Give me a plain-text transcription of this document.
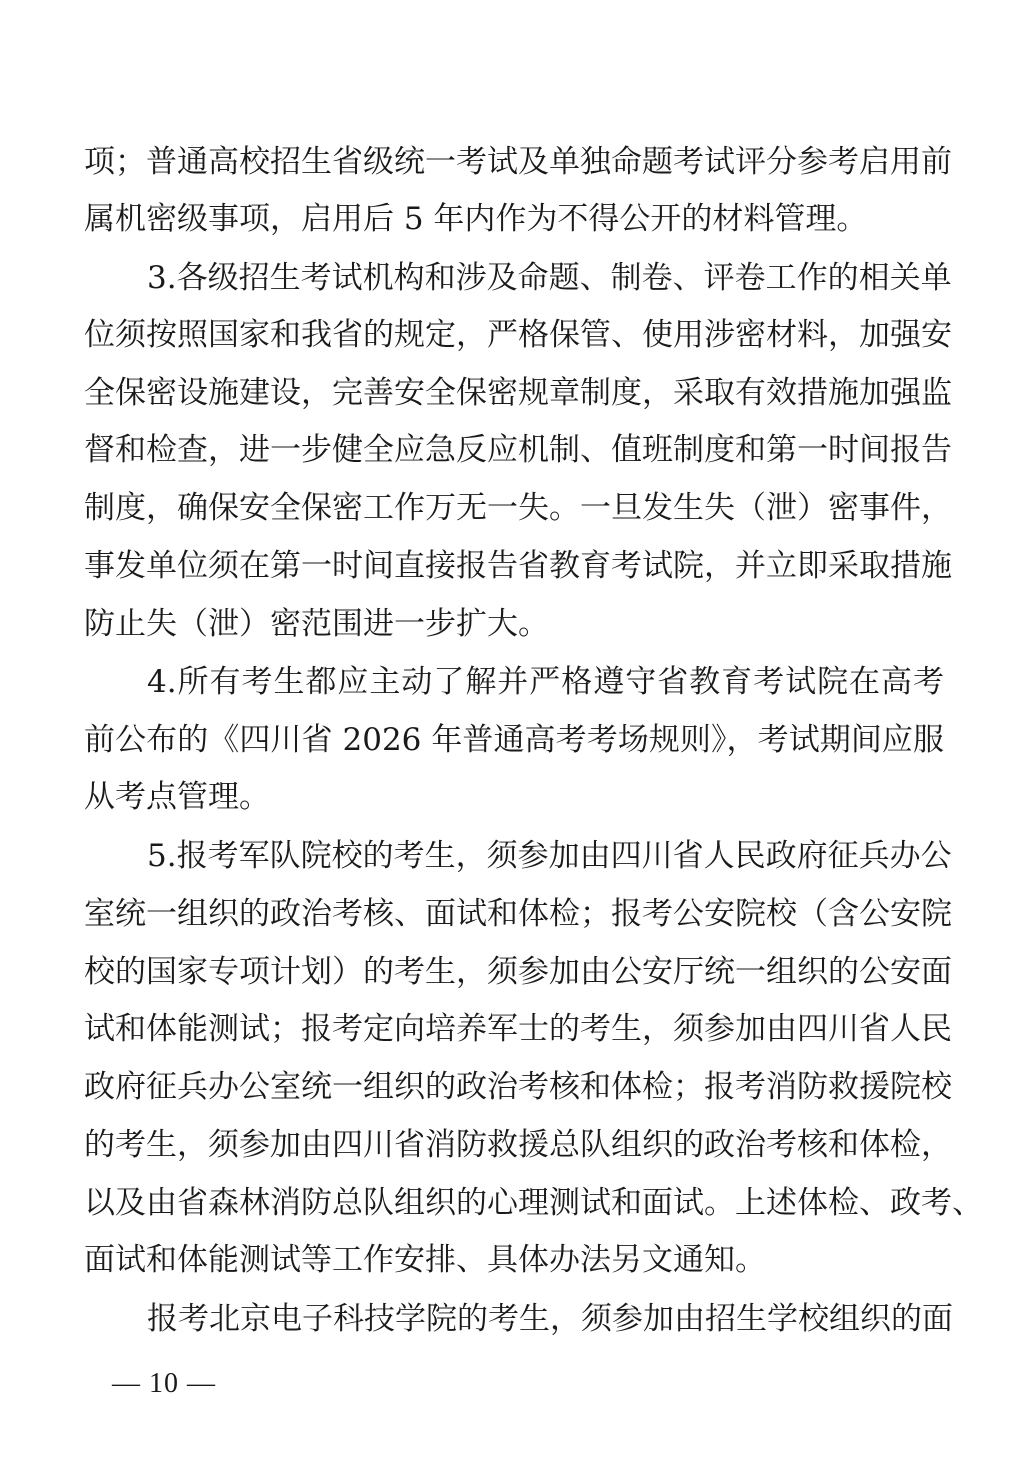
项；普通高校招生省级统一考试及单独命题考试评分参考启用前
属机密级事项，启用后 5 年内作为不得公开的材料管理。
3.各级招生考试机构和涉及命题、制卷、评卷工作的相关单
位须按照国家和我省的规定，严格保管、使用涉密材料，加强安
全保密设施建设，完善安全保密规章制度，采取有效措施加强监
督和检查，进一步健全应急反应机制、值班制度和第一时间报告
制度，确保安全保密工作万无一失。一旦发生失（泄）密事件，
事发单位须在第一时间直接报告省教育考试院，并立即采取措施
防止失（泄）密范围进一步扩大。
4.所有考生都应主动了解并严格遵守省教育考试院在高考
前公布的《四川省 2026 年普通高考考场规则》，考试期间应服
从考点管理。
5.报考军队院校的考生，须参加由四川省人民政府征兵办公
室统一组织的政治考核、面试和体检；报考公安院校（含公安院
校的国家专项计划）的考生，须参加由公安厅统一组织的公安面
试和体能测试；报考定向培养军士的考生，须参加由四川省人民
政府征兵办公室统一组织的政治考核和体检；报考消防救援院校
的考生，须参加由四川省消防救援总队组织的政治考核和体检，
以及由省森林消防总队组织的心理测试和面试。上述体检、政考、
面试和体能测试等工作安排、具体办法另文通知。
报考北京电子科技学院的考生，须参加由招生学校组织的面
— 10 —
